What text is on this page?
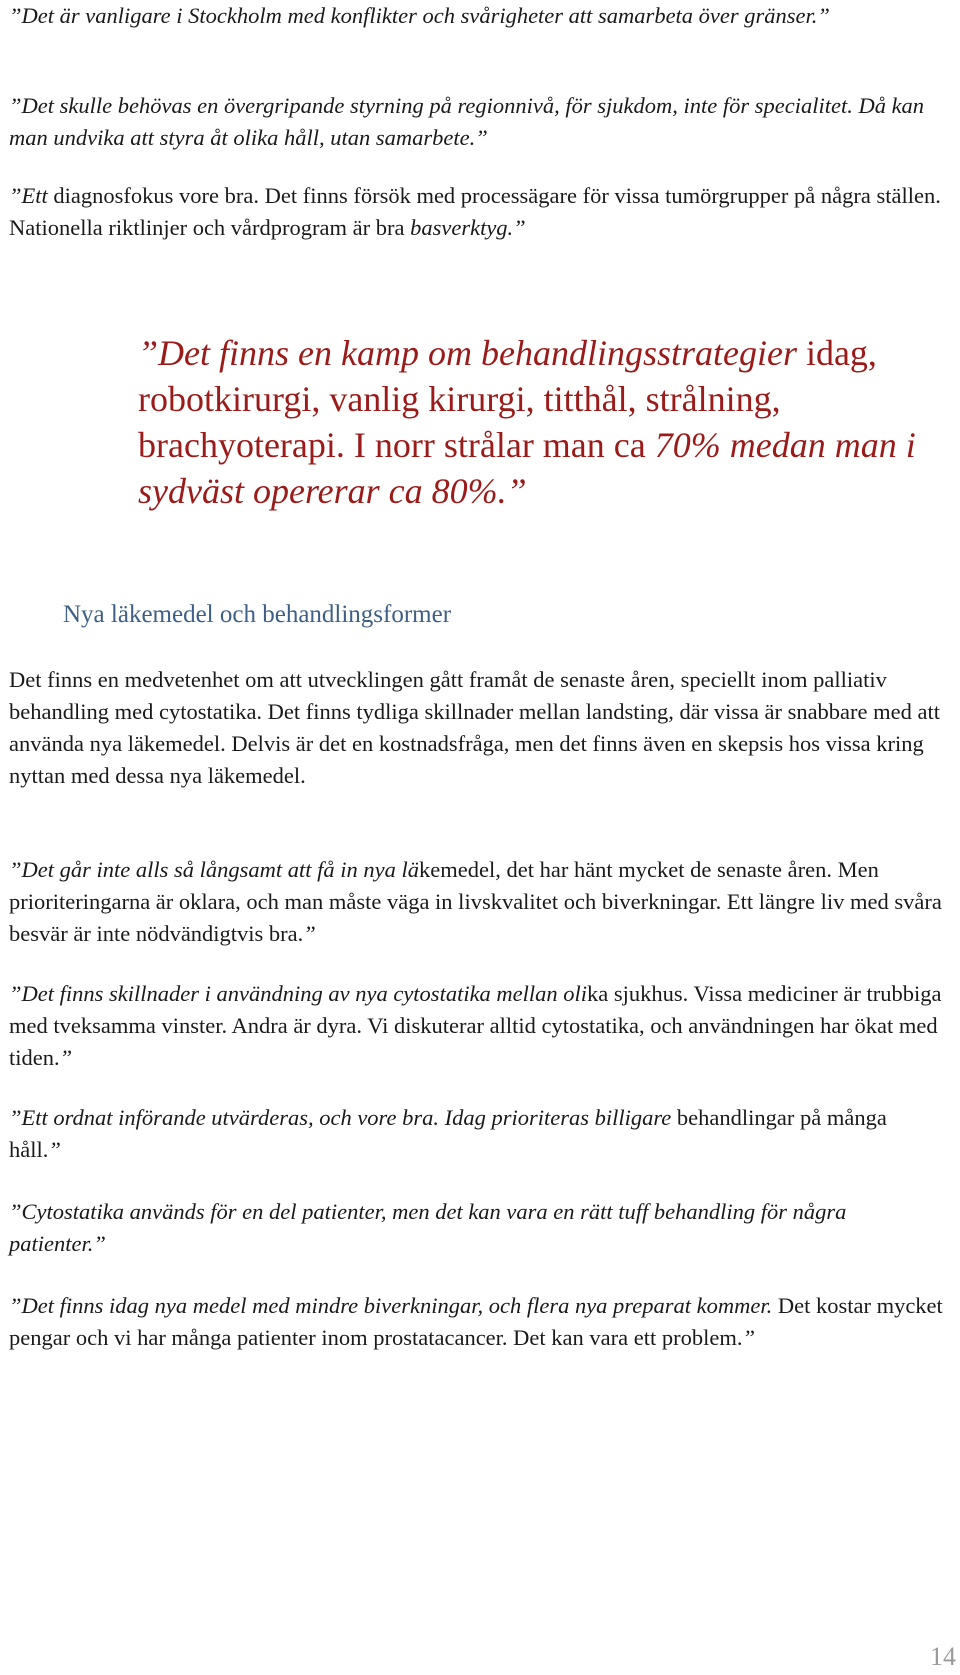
”Det är vanligare i Stockholm med konflikter och svårigheter att samarbeta över gränser.”

”Det skulle behövas en övergripande styrning på regionnivå, för sjukdom, inte för specialitet. Då kan man undvika att styra åt olika håll, utan samarbete.”

”Ett diagnosfokus vore bra. Det finns försök med processägare för vissa tumörgrupper på några ställen. Nationella riktlinjer och vårdprogram är bra basverktyg.”

”Det finns en kamp om behandlingsstrategier idag, robotkirurgi, vanlig kirurgi, titthål, strålning, brachyoterapi. I norr strålar man ca 70% medan man i sydväst opererar ca 80%.”

Nya läkemedel och behandlingsformer

Det finns en medvetenhet om att utvecklingen gått framåt de senaste åren, speciellt inom palliativ behandling med cytostatika. Det finns tydliga skillnader mellan landsting, där vissa är snabbare med att använda nya läkemedel. Delvis är det en kostnadsfråga, men det finns även en skepsis hos vissa kring nyttan med dessa nya läkemedel.

”Det går inte alls så långsamt att få in nya läkemedel, det har hänt mycket de senaste åren. Men prioriteringarna är oklara, och man måste väga in livskvalitet och biverkningar. Ett längre liv med svåra besvär är inte nödvändigtvis bra.”

”Det finns skillnader i användning av nya cytostatika mellan olika sjukhus. Vissa mediciner är trubbiga med tveksamma vinster. Andra är dyra. Vi diskuterar alltid cytostatika, och användningen har ökat med tiden.”

”Ett ordnat införande utvärderas, och vore bra. Idag prioriteras billigare behandlingar på många håll.”

”Cytostatika används för en del patienter, men det kan vara en rätt tuff behandling för några patienter.”

”Det finns idag nya medel med mindre biverkningar, och flera nya preparat kommer. Det kostar mycket pengar och vi har många patienter inom prostatacancer. Det kan vara ett problem.”

14
